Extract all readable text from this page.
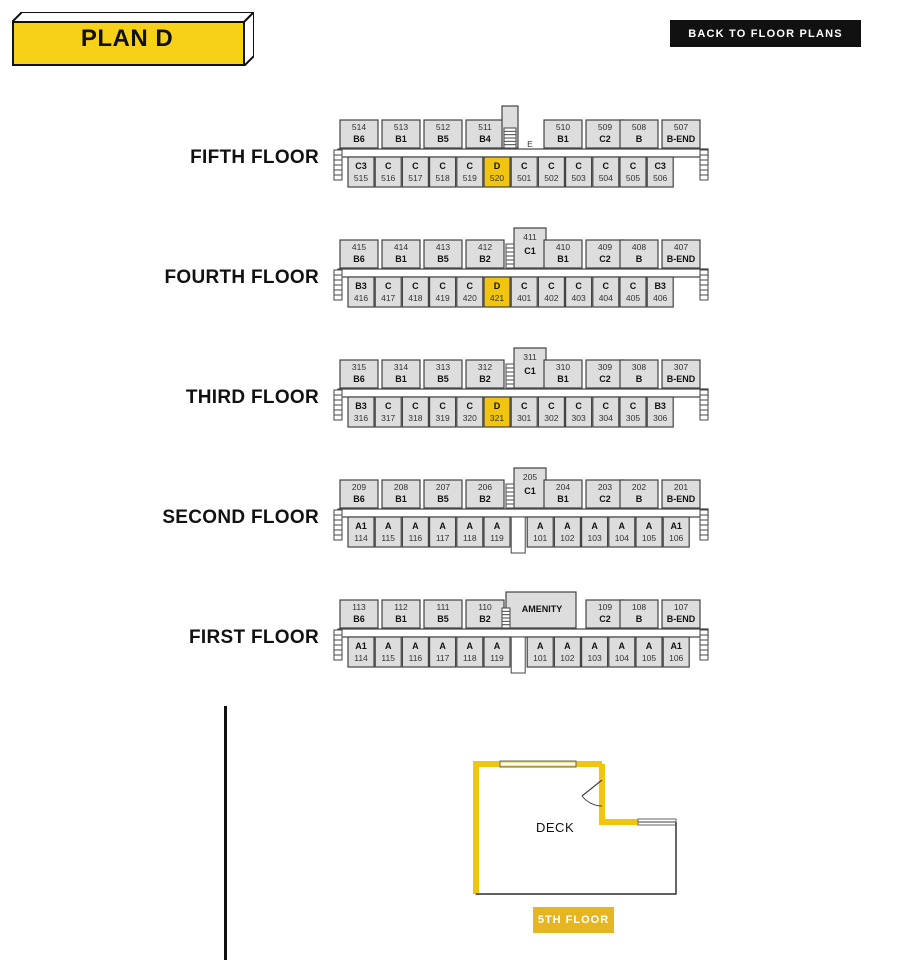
PLAN D	BACK TO FLOOR PLANS
FIFTH FLOOR
FOURTH FLOOR
THIRD FLOOR
SECOND FLOOR
FIRST FLOOR
514
B6
513
B1
512
B5
511
B4	E
510
B1
509
C2
508
B
507
B-END
C3
515
C
516
C
517
C
518
C
519
D
520
C
501
C
502
C
503
C
504
C
505
C3
506
415
B6
414
B1
413
B5
412
B2
411
C1 410
B1
409
C2
408
B
407
B-END
B3
416
C
417
C
418
C
419
C
420
D
421
C
401
C
402
C
403
C
404
C
405
B3
406
315
B6
314
B1
313
B5
312
B2
311
C1 310
B1
309
C2
308
B
307
B-END
B3
316
C
317
C
318
C
319
C
320
D
321
C
301
C
302
C
303
C
304
C
305
B3
306
209
B6
208
B1
207
B5
206
B2
205
C1 204
B1
203
C2
202
B
201
B-END
A1
114
A
115
A
116
A
117
A
118
A
119
A
101
A
102
A
103
A
104
A
105
A1
106
113
B6
112
B1
111
B5
110
B2
AMENITY	109
C2
108
B
107
B-END
A1
114
A
115
A
116
A
117
A
118
A
119
A
101
A
102
A
103
A
104
A
105
A1
106
DECK
5TH FLOOR
